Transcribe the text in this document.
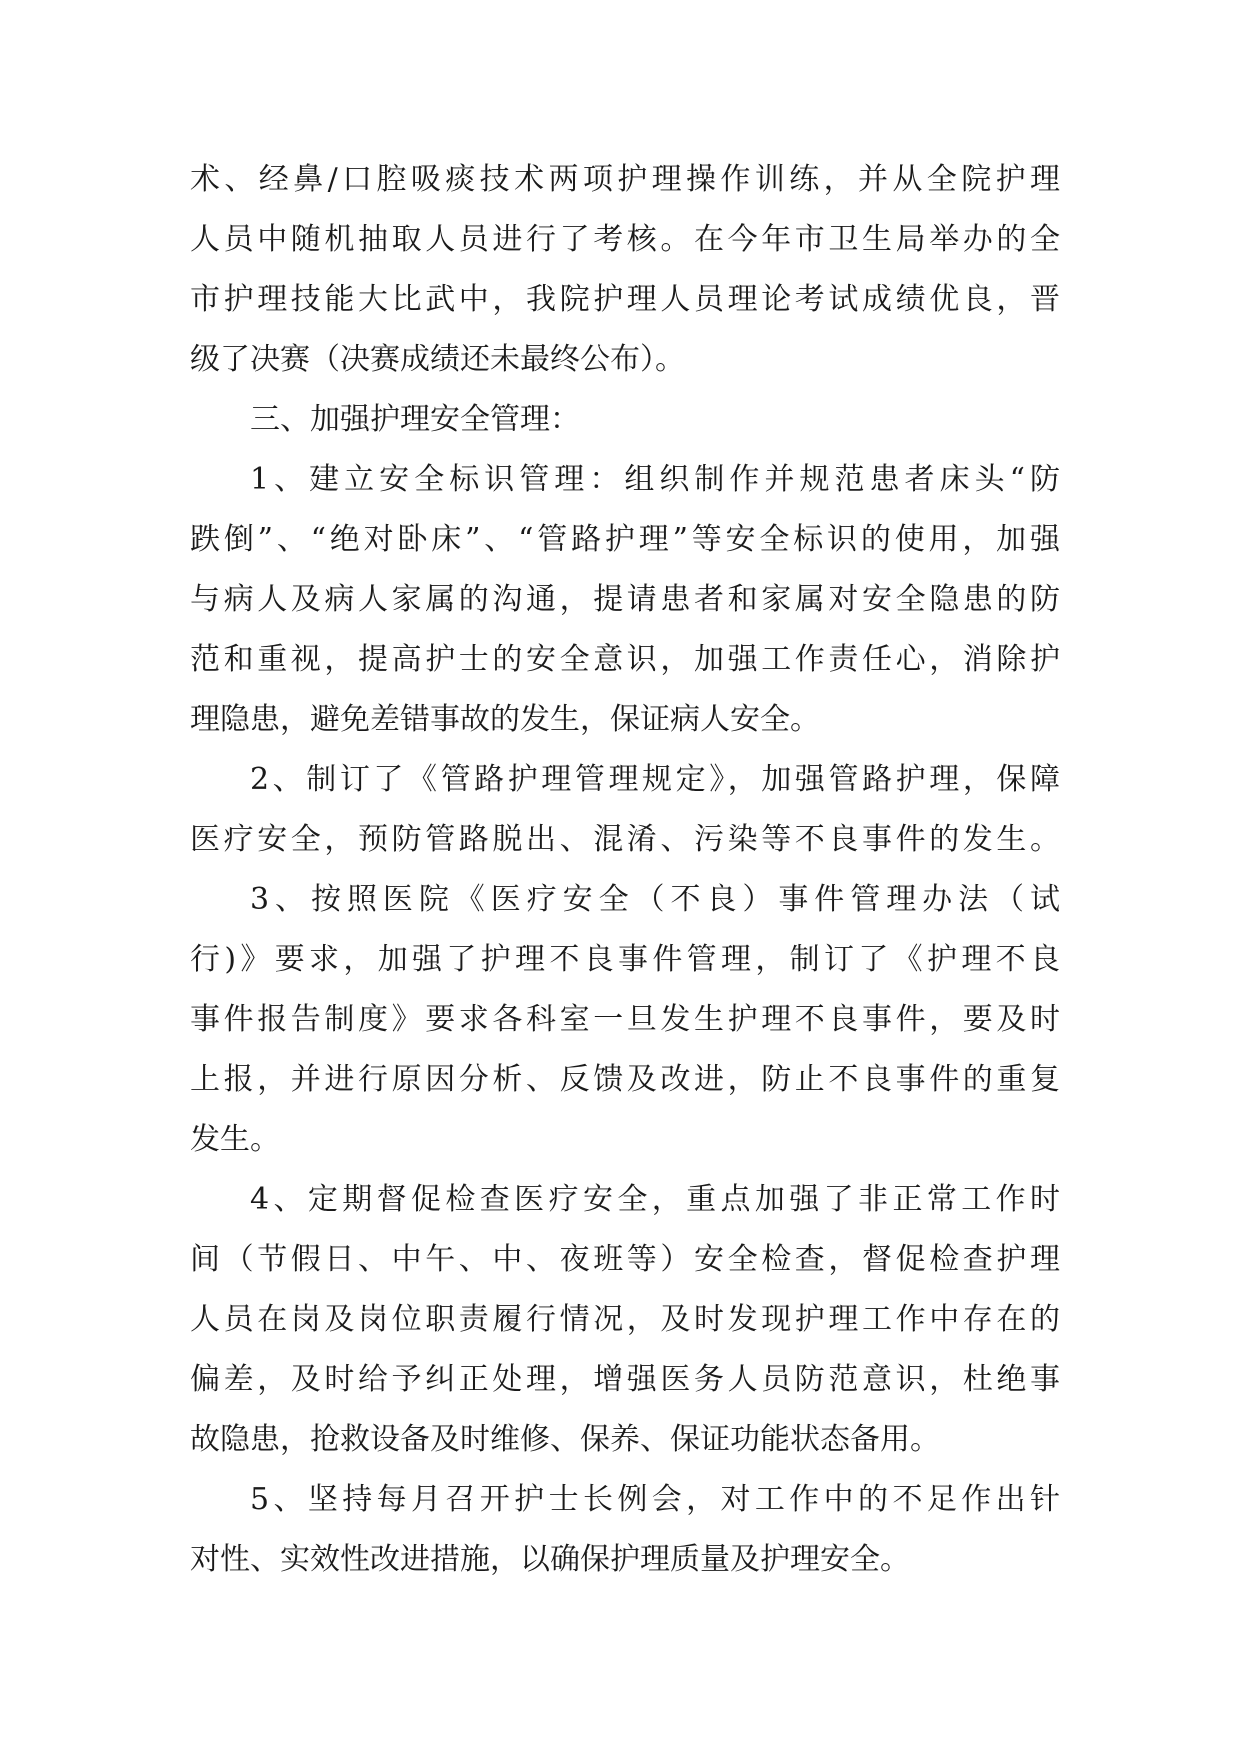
术、经鼻/口腔吸痰技术两项护理操作训练，并从全院护理
人员中随机抽取人员进行了考核。在今年市卫生局举办的全
市护理技能大比武中，我院护理人员理论考试成绩优良，晋
级了决赛（决赛成绩还未最终公布）。
三、加强护理安全管理：
1、建立安全标识管理：组织制作并规范患者床头“防
跌倒”、“绝对卧床”、“管路护理”等安全标识的使用，加强
与病人及病人家属的沟通，提请患者和家属对安全隐患的防
范和重视，提高护士的安全意识，加强工作责任心，消除护
理隐患，避免差错事故的发生，保证病人安全。
2、制订了《管路护理管理规定》，加强管路护理，保障
医疗安全，预防管路脱出、混淆、污染等不良事件的发生。
3、按照医院《医疗安全（不良）事件管理办法（试
行)》要求，加强了护理不良事件管理，制订了《护理不良
事件报告制度》要求各科室一旦发生护理不良事件，要及时
上报，并进行原因分析、反馈及改进，防止不良事件的重复
发生。
4、定期督促检查医疗安全，重点加强了非正常工作时
间（节假日、中午、中、夜班等）安全检查，督促检查护理
人员在岗及岗位职责履行情况，及时发现护理工作中存在的
偏差，及时给予纠正处理，增强医务人员防范意识，杜绝事
故隐患，抢救设备及时维修、保养、保证功能状态备用。
5、坚持每月召开护士长例会，对工作中的不足作出针
对性、实效性改进措施，以确保护理质量及护理安全。
